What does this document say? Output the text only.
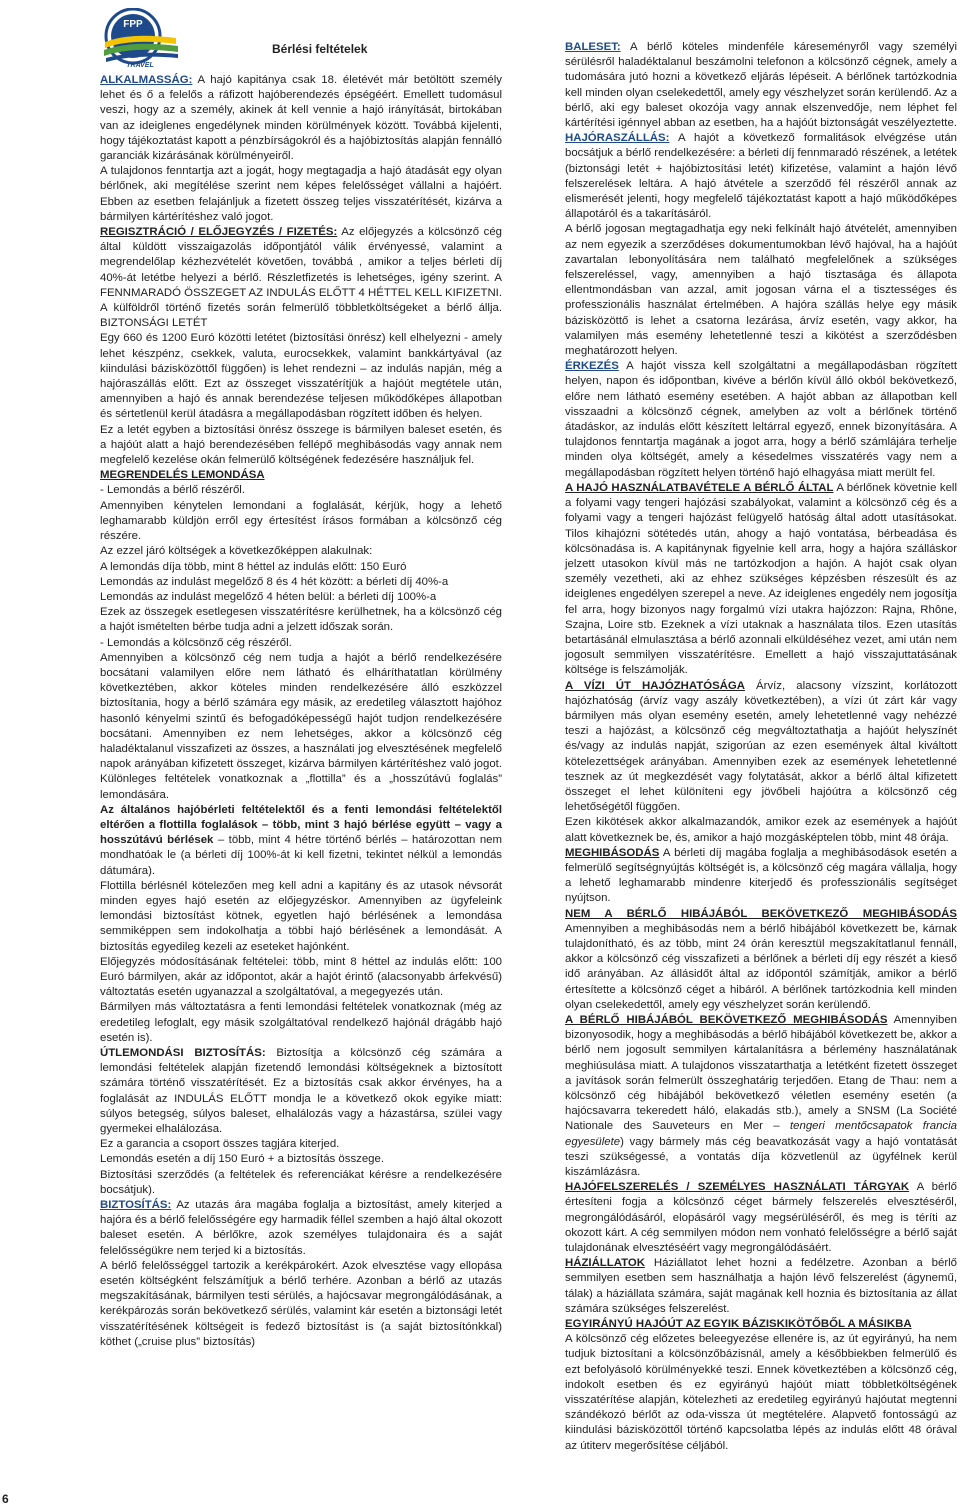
FPP
TRAVEL
Bérlési feltételek

ALKALMASSÁG: A hajó kapitánya csak 18. életévét már betöltött személy lehet és ő a felelős a ráfizott hajóberendezés épségéért. Emellett tudomásul veszi, hogy az a személy, akinek át kell vennie a hajó irányítását, birtokában van az ideiglenes engedélynek minden körülmények között. Továbbá kijelenti, hogy tájékoztatást kapott a pénzbírságokról és a hajóbiztosítás alapján fennálló garanciák kizárásának körülményeiről.

A tulajdonos fenntartja azt a jogát, hogy megtagadja a hajó átadását egy olyan bérlőnek, aki megítélése szerint nem képes felelősséget vállalni a hajóért. Ebben az esetben felajánljuk a fizetett összeg teljes visszatérítését, kizárva a bármilyen kártérítéshez való jogot.

REGISZTRÁCIÓ / ELŐJEGYZÉS / FIZETÉS: Az előjegyzés a kölcsönző cég által küldött visszaigazolás időpontjától válik érvényessé, valamint a megrendelőlap kézhezvételét követően, továbbá , amikor a teljes bérleti díj 40%-át letétbe helyezi a bérlő. Részletfizetés is lehetséges, igény szerint. A FENNMARADÓ ÖSSZEGET AZ INDULÁS ELŐTT 4 HÉTTEL KELL KIFIZETNI. A külföldről történő fizetés során felmerülő többletköltségeket a bérlő állja. BIZTONSÁGI LETÉT

Egy 660 és 1200 Euró közötti letétet (biztosítási önrész) kell elhelyezni - amely lehet készpénz, csekkek, valuta, eurocsekkek, valamint bankkártyával (az kiindulási bázisközöttől függően) is lehet rendezni – az indulás napján, még a hajóraszállás előtt. Ezt az összeget visszatérítjük a hajóút megtétele után, amennyiben a hajó és annak berendezése teljesen működőképes állapotban és sértetlenül kerül átadásra a megállapodásban rögzített időben és helyen.

Ez a letét egyben a biztosítási önrész összege is bármilyen baleset esetén, és a hajóút alatt a hajó berendezésében fellépő meghibásodás vagy annak nem megfelelő kezelése okán felmerülő költségének fedezésére használjuk fel.

MEGRENDELÉS LEMONDÁSA

- Lemondás a bérlő részéről.

Amennyiben kénytelen lemondani a foglalását, kérjük, hogy a lehető leghamarabb küldjön erről egy értesítést írásos formában a kölcsönző cég részére.

Az ezzel járó költségek a következőképpen alakulnak:

A lemondás díja több, mint 8 héttel az indulás előtt: 150 Euró

Lemondás az indulást megelőző 8 és 4 hét között: a bérleti díj 40%-a

Lemondás az indulást megelőző 4 héten belül: a bérleti díj 100%-a

Ezek az összegek esetlegesen visszatérítésre kerülhetnek, ha a kölcsönző cég a hajót ismételten bérbe tudja adni a jelzett időszak során.

- Lemondás a kölcsönző cég részéről.

Amennyiben a kölcsönző cég nem tudja a hajót a bérlő rendelkezésére bocsátani valamilyen előre nem látható és elháríthatatlan körülmény következtében, akkor köteles minden rendelkezésére álló eszközzel biztosítania, hogy a bérlő számára egy másik, az eredetileg választott hajóhoz hasonló kényelmi szintű és befogadóképességű hajót tudjon rendelkezésére bocsátani. Amennyiben ez nem lehetséges, akkor a kölcsönző cég haladéktalanul visszafizeti az összes, a használati jog elvesztésének megfelelő napok arányában kifizetett összeget, kizárva bármilyen kártérítéshez való jogot. Különleges feltételek vonatkoznak a „flottilla” és a „hosszútávú foglalás” lemondására.

Az általános hajóbérleti feltételektől és a fenti lemondási feltételektől eltérően a flottilla foglalások – több, mint 3 hajó bérlése együtt – vagy a hosszútávú bérlések – több, mint 4 hétre történő bérlés – határozottan nem mondhatóak le (a bérleti díj 100%-át ki kell fizetni, tekintet nélkül a lemondás dátumára).

Flottilla bérlésnél kötelezően meg kell adni a kapitány és az utasok névsorát minden egyes hajó esetén az előjegyzéskor. Amennyiben az ügyfeleink lemondási biztosítást kötnek, egyetlen hajó bérlésének a lemondása semmiképpen sem indokolhatja a többi hajó bérlésének a lemondását. A biztosítás egyedileg kezeli az eseteket hajónként.

Előjegyzés módosításának feltételei: több, mint 8 héttel az indulás előtt: 100 Euró bármilyen, akár az időpontot, akár a hajót érintő (alacsonyabb árfekvésű) változtatás esetén ugyanazzal a szolgáltatóval, a megegyezés után.

Bármilyen más változtatásra a fenti lemondási feltételek vonatkoznak (még az eredetileg lefoglalt, egy másik szolgáltatóval rendelkező hajónál drágább hajó esetén is).

ÚTLEMONDÁSI BIZTOSÍTÁS: Biztosítja a kölcsönző cég számára a lemondási feltételek alapján fizetendő lemondási költségeknek a biztosított számára történő visszatérítését. Ez a biztosítás csak akkor érvényes, ha a foglalását az INDULÁS ELŐTT mondja le a következő okok egyike miatt: súlyos betegség, súlyos baleset, elhalálozás vagy a házastársa, szülei vagy gyermekei elhalálozása.

Ez a garancia a csoport összes tagjára kiterjed.

Lemondás esetén a díj 150 Euró + a biztosítás összege.

Biztosítási szerződés (a feltételek és referenciákat kérésre a rendelkezésére bocsátjuk).

BIZTOSÍTÁS: Az utazás ára magába foglalja a biztosítást, amely kiterjed a hajóra és a bérlő felelősségére egy harmadik féllel szemben a hajó által okozott baleset esetén. A bérlőkre, azok személyes tulajdonaira és a saját felelősségükre nem terjed ki a biztosítás.

A bérlő felelősséggel tartozik a kerékpárokért. Azok elvesztése vagy ellopása esetén költségként felszámítjuk a bérlő terhére. Azonban a bérlő az utazás megszakításának, bármilyen testi sérülés, a hajócsavar megrongálódásának, a kerékpározás során bekövetkező sérülés, valamint kár esetén a biztonsági letét visszatérítésének költségeit is fedező biztosítást is (a saját biztosítónkkal) köthet („cruise plus” biztosítás)

BALESET: A bérlő köteles mindenféle káreseményről vagy személyi sérülésről haladéktalanul beszámolni telefonon a kölcsönző cégnek, amely a tudomására jutó hozni a következő eljárás lépéseit. A bérlőnek tartózkodnia kell minden olyan cselekedettől, amely egy vészhelyzet során kerülendő. Az a bérlő, aki egy baleset okozója vagy annak elszenvedője, nem léphet fel kártérítési igénnyel abban az esetben, ha a hajóút biztonságát veszélyeztette.

HAJÓRASZÁLLÁS: A hajót a következő formalitások elvégzése után bocsátjuk a bérlő rendelkezésére: a bérleti díj fennmaradó részének, a letétek (biztonsági letét + hajóbiztosítási letét) kifizetése, valamint a hajón lévő felszerelések leltára. A hajó átvétele a szerződő fél részéről annak az elismerését jelenti, hogy megfelelő tájékoztatást kapott a hajó működőképes állapotáról és a takarításáról.

A bérlő jogosan megtagadhatja egy neki felkínált hajó átvételét, amennyiben az nem egyezik a szerződéses dokumentumokban lévő hajóval, ha a hajóút zavartalan lebonyolítására nem található megfelelőnek a szükséges felszereléssel, vagy, amennyiben a hajó tisztasága és állapota ellentmondásban van azzal, amit jogosan várna el a tisztességes és professzionális használat értelmében. A hajóra szállás helye egy másik bázisközöttő is lehet a csatorna lezárása, árvíz esetén, vagy akkor, ha valamilyen más esemény lehetetlenné teszi a kikötést a szerződésben meghatározott helyen.

ÉRKEZÉS A hajót vissza kell szolgáltatni a megállapodásban rögzített helyen, napon és időpontban, kivéve a bérlőn kívül álló okból bekövetkező, előre nem látható esemény esetében. A hajót abban az állapotban kell visszaadni a kölcsönző cégnek, amelyben az volt a bérlőnek történő átadáskor, az indulás előtt készített leltárral egyező, ennek bizonyítására. A tulajdonos fenntartja magának a jogot arra, hogy a bérlő számlájára terhelje minden olya költségét, amely a késedelmes visszatérés vagy nem a megállapodásban rögzített helyen történő hajó elhagyása miatt merült fel.

A HAJÓ HASZNÁLATBAVÉTELE A BÉRLŐ ÁLTAL A bérlőnek követnie kell a folyami vagy tengeri hajózási szabályokat, valamint a kölcsönző cég és a folyami vagy a tengeri hajózást felügyelő hatóság által adott utasításokat. Tilos kihajózni sötétedés után, ahogy a hajó vontatása, bérbeadása és kölcsönadása is. A kapitánynak figyelnie kell arra, hogy a hajóra szálláskor jelzett utasokon kívül más ne tartózkodjon a hajón. A hajót csak olyan személy vezetheti, aki az ehhez szükséges képzésben részesült és az ideiglenes engedélyen szerepel a neve. Az ideiglenes engedély nem jogosítja fel arra, hogy bizonyos nagy forgalmú vízi utakra hajózzon: Rajna, Rhône, Szajna, Loire stb. Ezeknek a vízi utaknak a használata tilos. Ezen utasítás betartásánál elmulasztása a bérlő azonnali elküldéséhez vezet, ami után nem jogosult semmilyen visszatérítésre. Emellett a hajó visszajuttatásának költsége is felszámolják.

A VÍZI ÚT HAJÓZHATÓSÁGA Árvíz, alacsony vízszint, korlátozott hajózhatóság (árvíz vagy aszály következtében), a vízi út zárt kár vagy bármilyen más olyan esemény esetén, amely lehetetlenné vagy nehézzé teszi a hajózást, a kölcsönző cég megváltoztathatja a hajóút helyszínét és/vagy az indulás napját, szigorúan az ezen események által kiváltott kötelezettségek arányában. Amennyiben ezek az események lehetetlenné tesznek az út megkezdését vagy folytatását, akkor a bérlő által kifizetett összeget el lehet különíteni egy jövőbeli hajóútra a kölcsönző cég lehetőségétől függően.

Ezen kikötések akkor alkalmazandók, amikor ezek az események a hajóút alatt következnek be, és, amikor a hajó mozgásképtelen több, mint 48 órája.

MEGHIBÁSODÁS A bérleti díj magába foglalja a meghibásodások esetén a felmerülő segítségnyújtás költségét is, a kölcsönző cég magára vállalja, hogy a lehető leghamarabb mindenre kiterjedő és professzionális segítséget nyújtson.

NEM A BÉRLŐ HIBÁJÁBÓL BEKÖVETKEZŐ MEGHIBÁSODÁS Amennyiben a meghibásodás nem a bérlő hibájából következett be, kárnak tulajdonítható, és az több, mint 24 órán keresztül megszakítatlanul fennáll, akkor a kölcsönző cég visszafizeti a bérlőnek a bérleti díj egy részét a kieső idő arányában. Az állásidőt által az időpontól számítják, amikor a bérlő értesítette a kölcsönző céget a hibáról. A bérlőnek tartózkodnia kell minden olyan cselekedettől, amely egy vészhelyzet során kerülendő.

A BÉRLŐ HIBÁJÁBÓL BEKÖVETKEZŐ MEGHIBÁSODÁS Amennyiben bizonyosodik, hogy a meghibásodás a bérlő hibájából következett be, akkor a bérlő nem jogosult semmilyen kártalanításra a bérlemény használatának meghiúsulása miatt. A tulajdonos visszatarthatja a letétként fizetett összeget a javítások során felmerült összeghatárig terjedően. Etang de Thau: nem a kölcsönző cég hibájából bekövetkező véletlen esemény esetén (a hajócsavarra tekeredett háló, elakadás stb.), amely a SNSM (La Société Nationale des Sauveteurs en Mer – tengeri mentőcsapatok francia egyesülete) vagy bármely más cég beavatkozását vagy a hajó vontatását teszi szükségessé, a vontatás díja közvetlenül az ügyfélnek kerül kiszámlázásra.

HAJÓFELSZERELÉS / SZEMÉLYES HASZNÁLATI TÁRGYAK A bérlő értesíteni fogja a kölcsönző céget bármely felszerelés elvesztéséről, megrongálódásáról, elopásáról vagy megsérüléséről, és meg is téríti az okozott kárt. A cég semmilyen módon nem vonható felelősségre a bérlő saját tulajdonának elvesztéséért vagy megrongálódásáért.

HÁZIÁLLATOK Háziállatot lehet hozni a fedélzetre. Azonban a bérlő semmilyen esetben sem használhatja a hajón lévő felszerelést (ágynemű, tálak) a háziállata számára, saját magának kell hoznia és biztosítania az állat számára szükséges felszerelést.

EGYIRÁNYÚ HAJÓÚT AZ EGYIK BÁZISKIKÖTŐBŐL A MÁSIKBA

A kölcsönző cég előzetes beleegyezése ellenére is, az út egyirányú, ha nem tudjuk biztosítani a kölcsönzőbázisnál, amely a későbbiekben felmerülő és ezt befolyásoló körülményekké teszi. Ennek következtében a kölcsönző cég, indokolt esetben és ez egyirányú hajóút miatt többletköltségének visszatérítése alapján, kötelezheti az eredetileg egyirányú hajóutat megtenni szándékozó bérlőt az oda-vissza út megtételére. Alapvető fontosságú az kiindulási bázisközöttől történő kapcsolatba lépés az indulás előtt 48 órával az útiterv megerősítése céljából.

6
